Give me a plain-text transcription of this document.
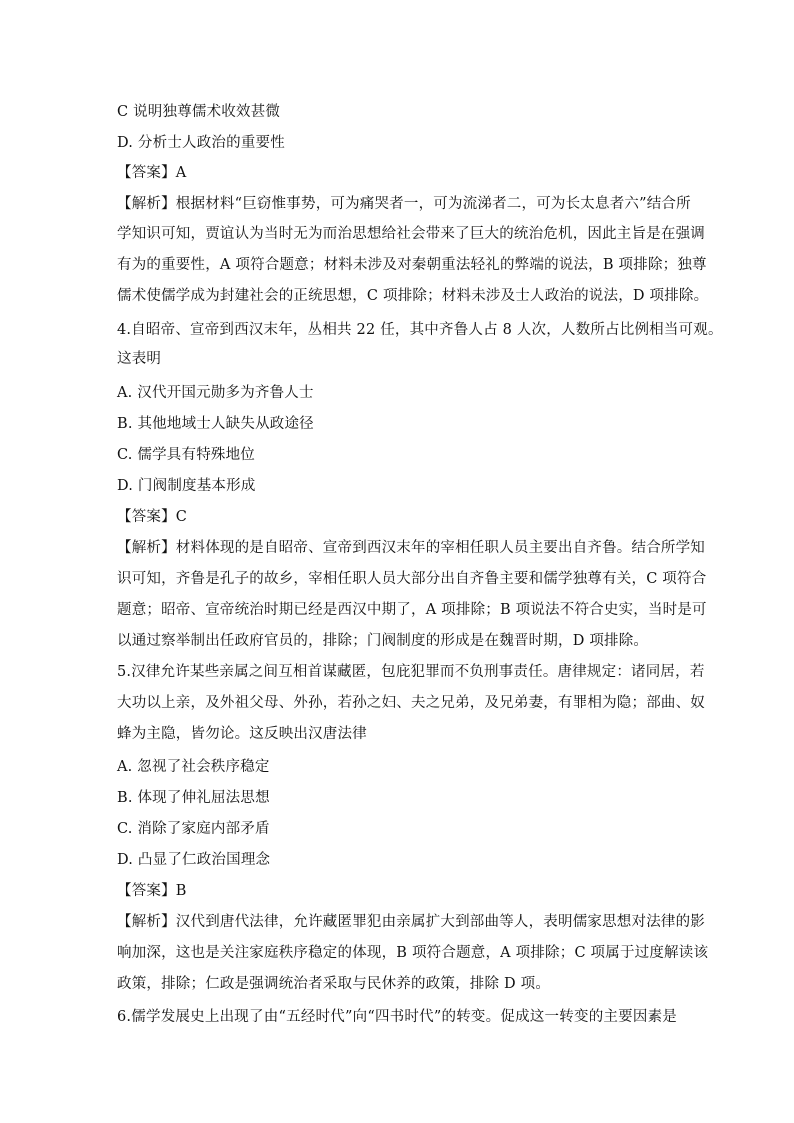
C 说明独尊儒术收效甚微
D. 分析士人政治的重要性
【答案】A
【解析】根据材料“巨窃惟事势，可为痛哭者一，可为流涕者二，可为长太息者六”结合所
学知识可知，贾谊认为当时无为而治思想给社会带来了巨大的统治危机，因此主旨是在强调
有为的重要性，A 项符合题意；材料未涉及对秦朝重法轻礼的弊端的说法，B 项排除；独尊
儒术使儒学成为封建社会的正统思想，C 项排除；材料未涉及士人政治的说法，D 项排除。
4.自昭帝、宣帝到西汉末年，丛相共 22 任，其中齐鲁人占 8 人次，人数所占比例相当可观。
这表明
A. 汉代开国元勋多为齐鲁人士
B. 其他地域士人缺失从政途径
C. 儒学具有特殊地位
D. 门阀制度基本形成
【答案】C
【解析】材料体现的是自昭帝、宣帝到西汉末年的宰相任职人员主要出自齐鲁。结合所学知
识可知，齐鲁是孔子的故乡，宰相任职人员大部分出自齐鲁主要和儒学独尊有关，C 项符合
题意；昭帝、宣帝统治时期已经是西汉中期了，A 项排除；B 项说法不符合史实，当时是可
以通过察举制出任政府官员的，排除；门阀制度的形成是在魏晋时期，D 项排除。
5.汉律允许某些亲属之间互相首谋藏匿，包庇犯罪而不负刑事责任。唐律规定：诸同居，若
大功以上亲，及外祖父母、外孙，若孙之妇、夫之兄弟，及兄弟妻，有罪相为隐；部曲、奴
蜂为主隐，皆勿论。这反映出汉唐法律
A. 忽视了社会秩序稳定
B. 体现了伸礼屈法思想
C. 消除了家庭内部矛盾
D. 凸显了仁政治国理念
【答案】B
【解析】汉代到唐代法律，允许藏匿罪犯由亲属扩大到部曲等人，表明儒家思想对法律的影
响加深，这也是关注家庭秩序稳定的体现，B 项符合题意，A 项排除；C 项属于过度解读该
政策，排除；仁政是强调统治者采取与民休养的政策，排除 D 项。
6.儒学发展史上出现了由“五经时代”向“四书时代”的转变。促成这一转变的主要因素是
